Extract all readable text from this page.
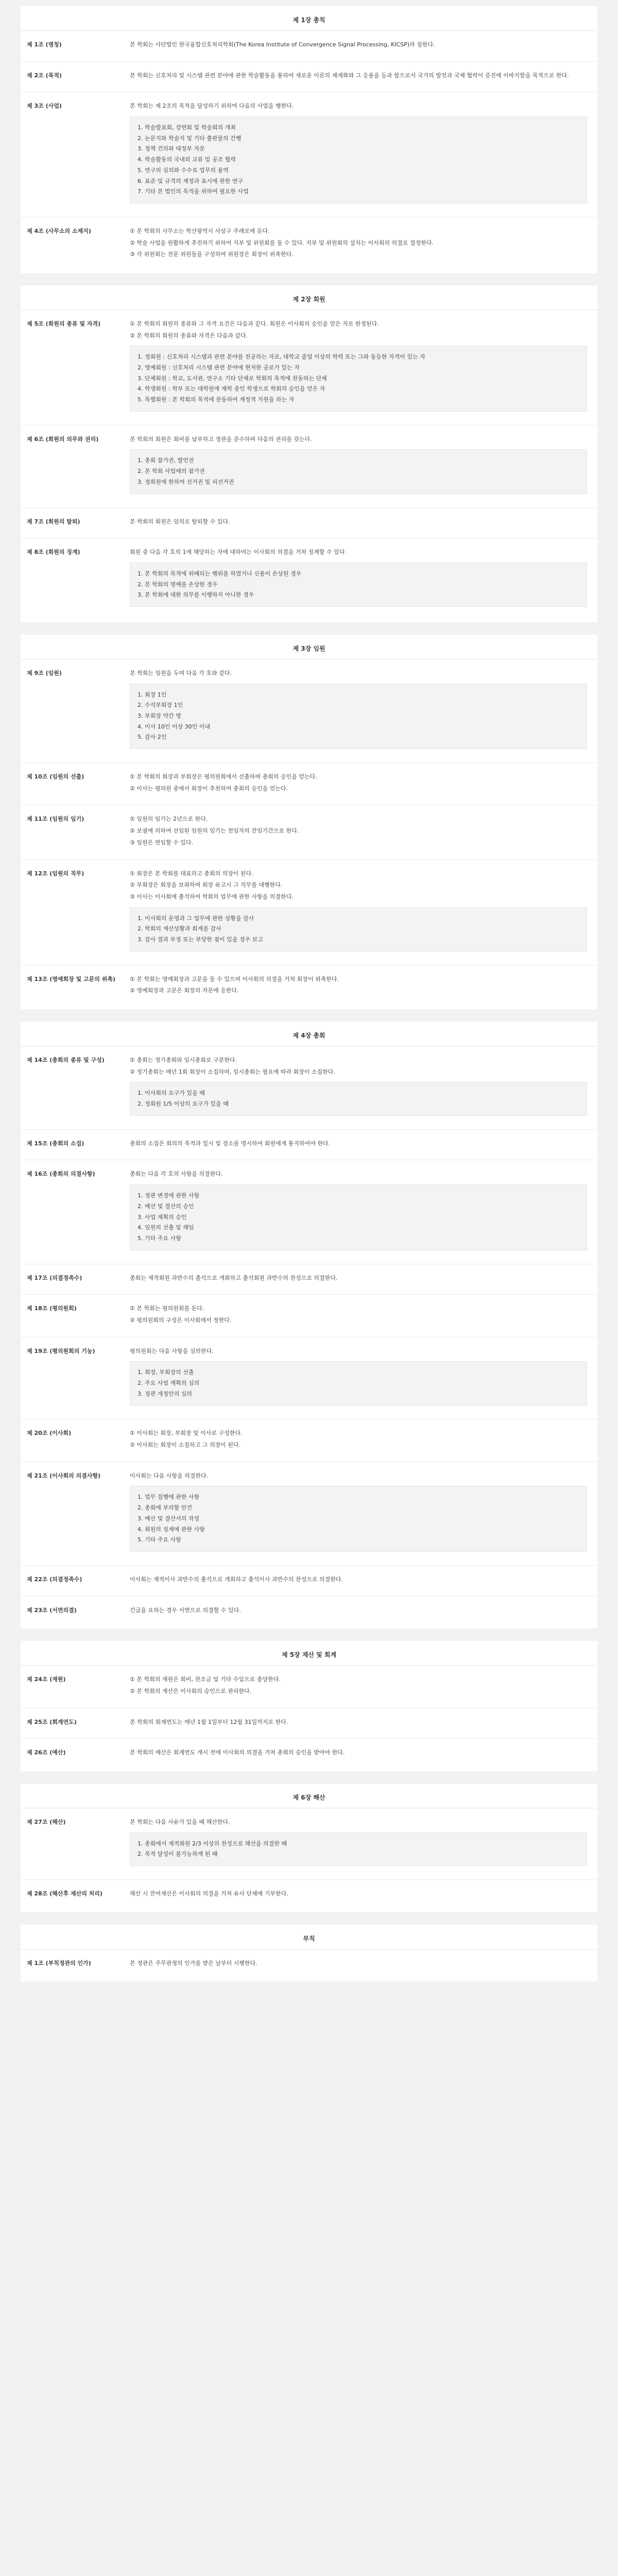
제 1장 총칙
제 1조 (명칭)	본 학회는 사단법인 한국융합신호처리학회(The Korea Institute of Convergence Signal Processing, KICSP)라 칭한다.

제 2조 (목적)	본 학회는 신호처리 및 시스템 관련 분야에 관한 학술활동을 통하여 새로운 이론의 체계화와 그 응용을 등과 함으로서 국가의 발전과 국제 협력이 증진에 이바지함을 목적으로 한다.

제 3조 (사업)	본 학회는 제 2조의 목적을 달성하기 위하여 다음의 사업을 행한다.

1. 학술발표회, 강연회 및 학술회의 개최
2. 논문지와 학술지 및 기타 출판물의 간행
3. 정책 건의와 대정부 자문
4. 학술활동의 국내외 교류 및 공조 협력
5. 연구의 심의와 수수료 업무의 용역
6. 표준 및 규격의 제정과 표시에 관한 연구
7. 기타 본 법인의 목적을 위하여 필요한 사업
제 4조 (사무소의 소재지)	① 본 학회의 사무소는 학산광역시 사상구 주례로에 둔다.

② 학술 사업을 원활하게 추진하기 위하여 지부 및 위원회를 둘 수 있다. 지부 및 위원회의 설치는 이사회의 의결로 결정한다.

③ 각 위원회는 전문 위원들을 구성하여 위원장은 회장이 위촉한다.

제 2장 회원
제 5조 (회원의 종류 및 자격)	① 본 학회의 회원의 종류와 그 자격 요건은 다음과 같다. 회원은 이사회의 승인을 얻은 자로 한정된다.

② 본 학회의 회원의 종류와 자격은 다음과 같다.

1. 정회원 : 신호처리 시스템과 관련 분야를 전공하는 자로, 대학교 졸업 이상의 학력 또는 그와 동등한 자격이 있는 자
2. 명예회원 : 신호처리 시스템 관련 분야에 현저한 공로가 있는 자
3. 단체회원 : 학교, 도서관, 연구소 기타 단체로 학회의 목적에 찬동하는 단체
4. 학생회원 : 학부 또는 대학원에 재학 중인 학생으로 학회의 승인을 얻은 자
5. 특별회원 : 본 학회의 목적에 찬동하여 재정적 지원을 하는 자
제 6조 (회원의 의무와 권리)	본 학회의 회원은 회비를 납부하고 정관을 준수하며 다음의 권리를 갖는다.

1. 총회 참가권, 발언권
2. 본 학회 사업에의 참가권
3. 정회원에 한하여 선거권 및 피선거권
제 7조 (회원의 탈퇴)	본 학회의 회원은 임의로 탈퇴할 수 있다.

제 8조 (회원의 징계)	회원 중 다음 각 호의 1에 해당하는 자에 대하여는 이사회의 의결을 거쳐 징계할 수 있다.

1. 본 학회의 목적에 위배되는 행위를 하였거나 신용이 손상된 경우
2. 본 학회의 명예를 손상한 경우
3. 본 학회에 대한 의무를 이행하지 아니한 경우
제 3장 임원
제 9조 (임원)	본 학회는 임원을 두며 다음 각 호와 같다.

1. 회장 1인
2. 수석부회장 1인
3. 부회장 약간 명
4. 이사 10인 이상 30인 이내
5. 감사 2인
제 10조 (임원의 선출)	① 본 학회의 회장과 부회장은 평의원회에서 선출하며 총회의 승인을 얻는다.

② 이사는 평의원 중에서 회장이 추천하여 총회의 승인을 얻는다.

제 11조 (임원의 임기)	① 임원의 임기는 2년으로 한다.

② 보궐에 의하여 선임된 임원의 임기는 전임자의 잔임기간으로 한다.

③ 임원은 연임할 수 있다.

제 12조 (임원의 직무)	① 회장은 본 학회를 대표하고 총회의 의장이 된다.

② 부회장은 회장을 보좌하며 회장 유고시 그 직무를 대행한다.

③ 이사는 이사회에 출석하여 학회의 업무에 관한 사항을 의결한다.

1. 이사회의 운영과 그 업무에 관한 상황을 감사
2. 학회의 재산상황과 회계를 감사
3. 감사 결과 부정 또는 부당한 점이 있을 경우 보고
제 13조 (명예회장 및 고문의 위촉)	① 본 학회는 명예회장과 고문을 둘 수 있으며 이사회의 의결을 거쳐 회장이 위촉한다.

② 명예회장과 고문은 회장의 자문에 응한다.

제 4장 총회
제 14조 (총회의 종류 및 구성)	① 총회는 정기총회와 임시총회로 구분한다.

② 정기총회는 매년 1회 회장이 소집하며, 임시총회는 필요에 따라 회장이 소집한다.

1. 이사회의 요구가 있을 때
2. 정회원 1/5 이상의 요구가 있을 때
제 15조 (총회의 소집)	총회의 소집은 회의의 목적과 일시 및 장소를 명시하여 회원에게 통지하여야 한다.

제 16조 (총회의 의결사항)	총회는 다음 각 호의 사항을 의결한다.

1. 정관 변경에 관한 사항
2. 예산 및 결산의 승인
3. 사업 계획의 승인
4. 임원의 선출 및 해임
5. 기타 주요 사항
제 17조 (의결정족수)	총회는 재적회원 과반수의 출석으로 개회하고 출석회원 과반수의 찬성으로 의결한다.

제 18조 (평의원회)	① 본 학회는 평의원회를 둔다.

② 평의원회의 구성은 이사회에서 정한다.

제 19조 (평의원회의 기능)	평의원회는 다음 사항을 심의한다.

1. 회장, 부회장의 선출
2. 주요 사업 계획의 심의
3. 정관 개정안의 심의
제 20조 (이사회)	① 이사회는 회장, 부회장 및 이사로 구성한다.

② 이사회는 회장이 소집하고 그 의장이 된다.

제 21조 (이사회의 의결사항)	이사회는 다음 사항을 의결한다.

1. 업무 집행에 관한 사항
2. 총회에 부의할 안건
3. 예산 및 결산서의 작성
4. 회원의 징계에 관한 사항
5. 기타 주요 사항
제 22조 (의결정족수)	이사회는 재적이사 과반수의 출석으로 개회하고 출석이사 과반수의 찬성으로 의결한다.

제 23조 (서면의결)	긴급을 요하는 경우 서면으로 의결할 수 있다.

제 5장 재산 및 회계
제 24조 (재원)	① 본 학회의 재원은 회비, 찬조금 및 기타 수입으로 충당한다.

② 본 학회의 재산은 이사회의 승인으로 관리한다.

제 25조 (회계연도)	본 학회의 회계연도는 매년 1월 1일부터 12월 31일까지로 한다.

제 26조 (예산)	본 학회의 예산은 회계연도 개시 전에 이사회의 의결을 거쳐 총회의 승인을 받아야 한다.

제 6장 해산
제 27조 (해산)	본 학회는 다음 사유가 있을 때 해산한다.

1. 총회에서 재적회원 2/3 이상의 찬성으로 해산을 의결한 때
2. 목적 달성이 불가능하게 된 때
제 28조 (해산후 재산의 처리)	해산 시 잔여재산은 이사회의 의결을 거쳐 유사 단체에 기부한다.

부칙
제 1조 (부칙정관의 인가)	본 정관은 주무관청의 인가를 받은 날부터 시행한다.
